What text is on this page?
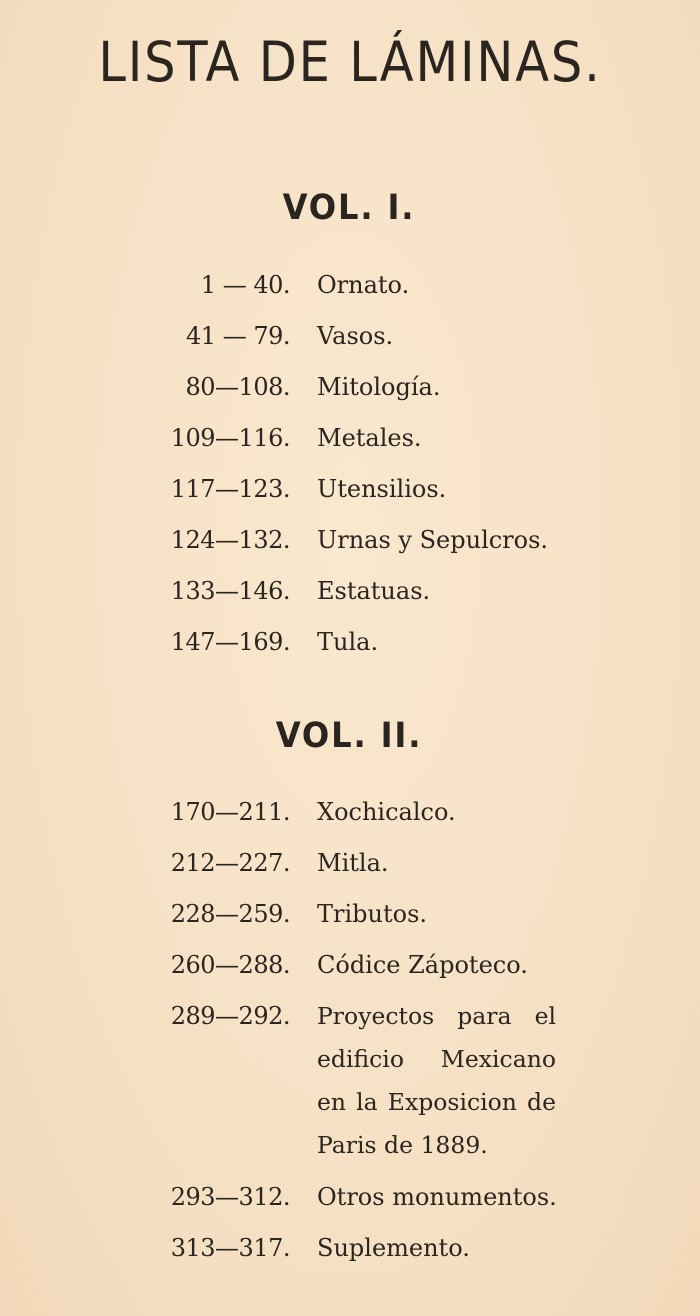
LISTA DE LÁMINAS.
VOL. I.
1 — 40. Ornato.
41 — 79. Vasos.
80—108. Mitología.
109—116. Metales.
117—123. Utensilios.
124—132. Urnas y Sepulcros.
133—146. Estatuas.
147—169. Tula.
VOL. II.
170—211. Xochicalco.
212—227. Mitla.
228—259. Tributos.
260—288. Códice Zápoteco.
289—292. Proyectos para el edificio Mexicano en la Exposicion de
Paris de 1889.
293—312. Otros monumentos.
313—317. Suplemento.
